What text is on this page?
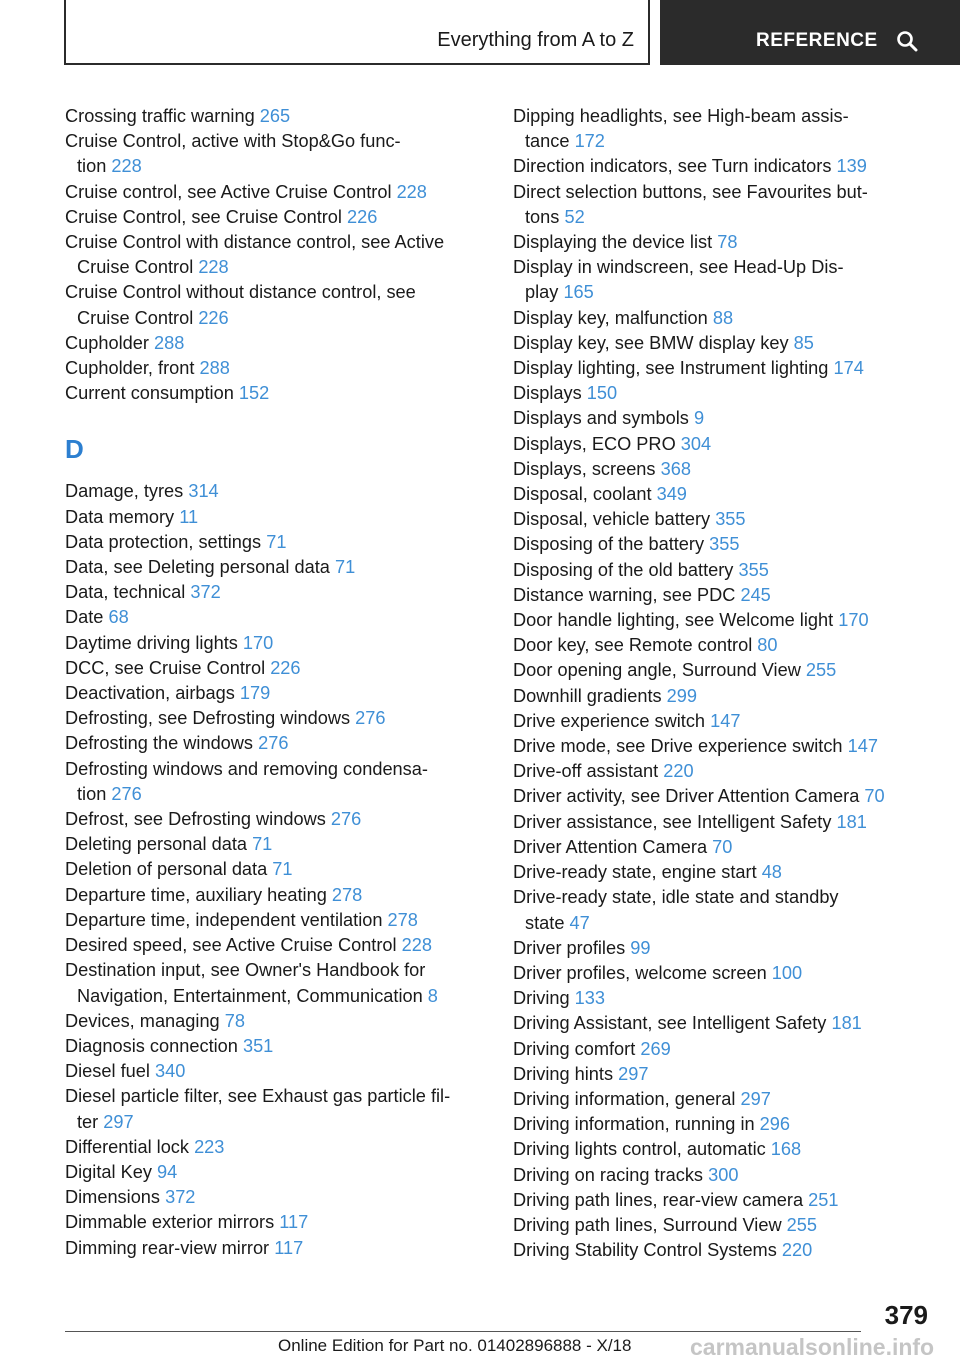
Everything from A to Z	REFERENCE
Crossing traffic warning 265
Cruise Control, active with Stop&Go func-
tion 228
Cruise control, see Active Cruise Control 228
Cruise Control, see Cruise Control 226
Cruise Control with distance control, see Active
Cruise Control 228
Cruise Control without distance control, see
Cruise Control 226
Cupholder 288
Cupholder, front 288
Current consumption 152
D
Damage, tyres 314
Data memory 11
Data protection, settings 71
Data, see Deleting personal data 71
Data, technical 372
Date 68
Daytime driving lights 170
DCC, see Cruise Control 226
Deactivation, airbags 179
Defrosting, see Defrosting windows 276
Defrosting the windows 276
Defrosting windows and removing condensa-
tion 276
Defrost, see Defrosting windows 276
Deleting personal data 71
Deletion of personal data 71
Departure time, auxiliary heating 278
Departure time, independent ventilation 278
Desired speed, see Active Cruise Control 228
Destination input, see Owner's Handbook for
Navigation, Entertainment, Communication 8
Devices, managing 78
Diagnosis connection 351
Diesel fuel 340
Diesel particle filter, see Exhaust gas particle fil-
ter 297
Differential lock 223
Digital Key 94
Dimensions 372
Dimmable exterior mirrors 117
Dimming rear-view mirror 117
Dipping headlights, see High-beam assis-
tance 172
Direction indicators, see Turn indicators 139
Direct selection buttons, see Favourites but-
tons 52
Displaying the device list 78
Display in windscreen, see Head-Up Dis-
play 165
Display key, malfunction 88
Display key, see BMW display key 85
Display lighting, see Instrument lighting 174
Displays 150
Displays and symbols 9
Displays, ECO PRO 304
Displays, screens 368
Disposal, coolant 349
Disposal, vehicle battery 355
Disposing of the battery 355
Disposing of the old battery 355
Distance warning, see PDC 245
Door handle lighting, see Welcome light 170
Door key, see Remote control 80
Door opening angle, Surround View 255
Downhill gradients 299
Drive experience switch 147
Drive mode, see Drive experience switch 147
Drive-off assistant 220
Driver activity, see Driver Attention Camera 70
Driver assistance, see Intelligent Safety 181
Driver Attention Camera 70
Drive-ready state, engine start 48
Drive-ready state, idle state and standby
state 47
Driver profiles 99
Driver profiles, welcome screen 100
Driving 133
Driving Assistant, see Intelligent Safety 181
Driving comfort 269
Driving hints 297
Driving information, general 297
Driving information, running in 296
Driving lights control, automatic 168
Driving on racing tracks 300
Driving path lines, rear-view camera 251
Driving path lines, Surround View 255
Driving Stability Control Systems 220
379
Online Edition for Part no. 01402896888 - X/18	carmanualsonline.info
